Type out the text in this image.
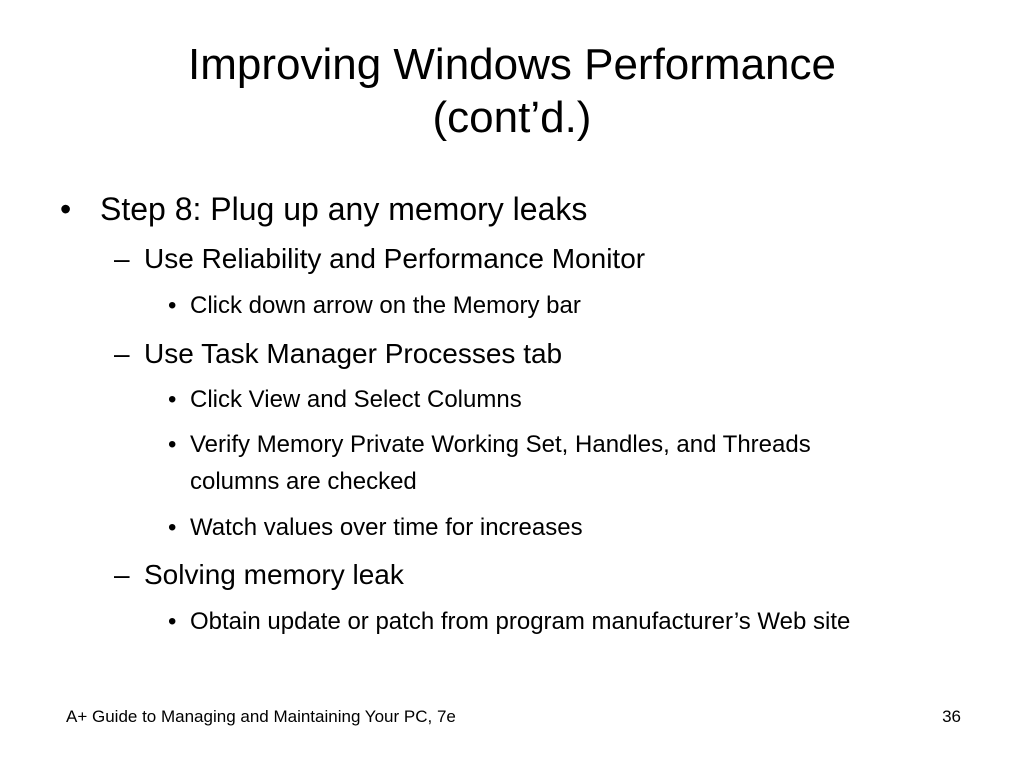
Improving Windows Performance
(cont’d.)
• Step 8: Plug up any memory leaks
– Use Reliability and Performance Monitor
• Click down arrow on the Memory bar
– Use Task Manager Processes tab
• Click View and Select Columns
• Verify Memory Private Working Set, Handles, and Threads columns are checked
• Watch values over time for increases
– Solving memory leak
• Obtain update or patch from program manufacturer’s Web site
A+ Guide to Managing and Maintaining Your PC, 7e	36
